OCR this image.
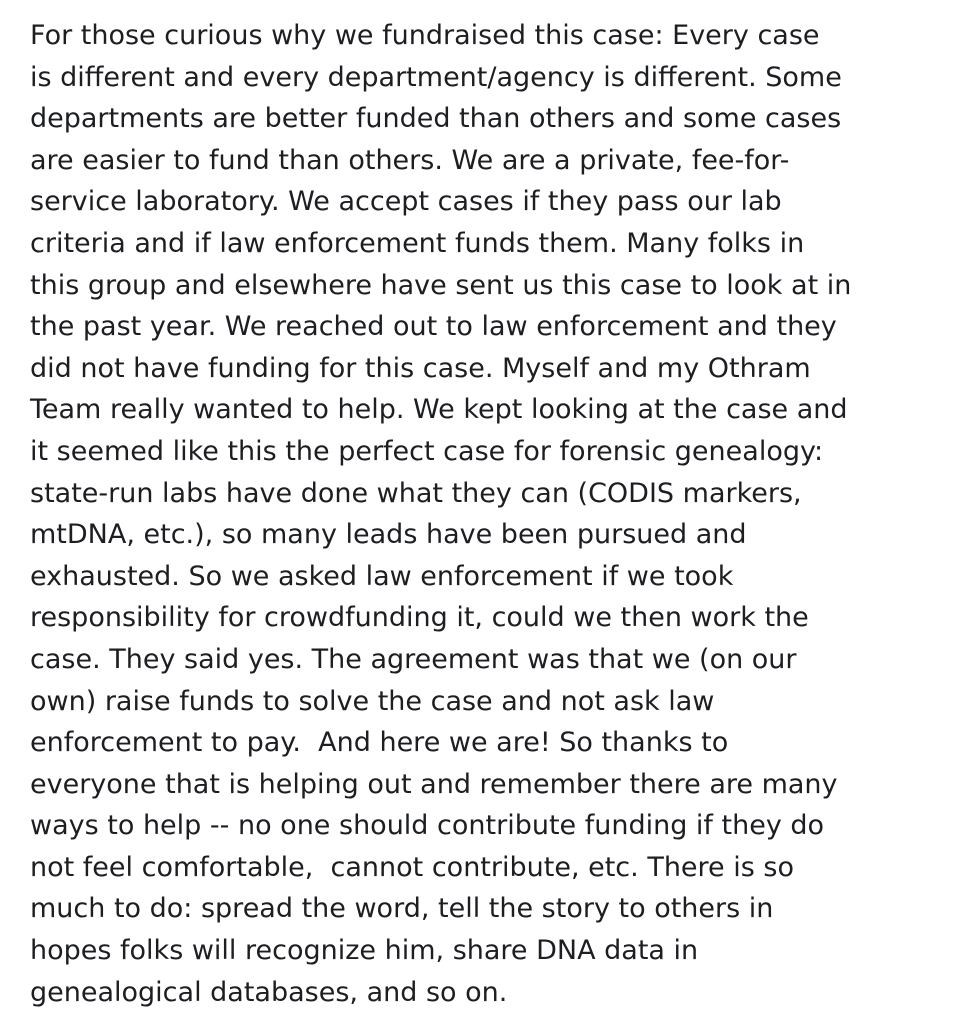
For those curious why we fundraised this case: Every case
is different and every department/agency is different. Some
departments are better funded than others and some cases
are easier to fund than others. We are a private, fee-for-
service laboratory. We accept cases if they pass our lab
criteria and if law enforcement funds them. Many folks in
this group and elsewhere have sent us this case to look at in
the past year. We reached out to law enforcement and they
did not have funding for this case. Myself and my Othram
Team really wanted to help. We kept looking at the case and
it seemed like this the perfect case for forensic genealogy:
state-run labs have done what they can (CODIS markers,
mtDNA, etc.), so many leads have been pursued and
exhausted. So we asked law enforcement if we took
responsibility for crowdfunding it, could we then work the
case. They said yes. The agreement was that we (on our
own) raise funds to solve the case and not ask law
enforcement to pay.  And here we are! So thanks to
everyone that is helping out and remember there are many
ways to help -- no one should contribute funding if they do
not feel comfortable,  cannot contribute, etc. There is so
much to do: spread the word, tell the story to others in
hopes folks will recognize him, share DNA data in
genealogical databases, and so on.
